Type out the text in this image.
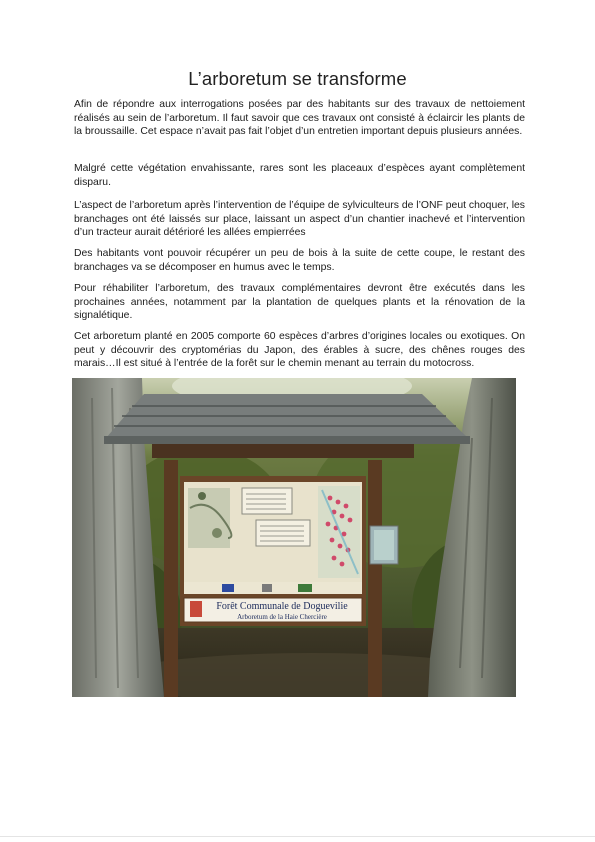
L’arboretum se transforme

Afin de répondre aux interrogations posées par des habitants sur des travaux de nettoiement réalisés au sein de l’arboretum. Il faut savoir que ces travaux ont consisté à éclaircir les plants de la broussaille. Cet espace n’avait pas fait l’objet d’un entretien important depuis plusieurs années.

Malgré cette végétation envahissante, rares sont les placeaux d’espèces ayant complètement disparu.

L’aspect de l’arboretum après l’intervention de l’équipe de sylviculteurs de l’ONF peut choquer, les branchages ont été laissés sur place, laissant un aspect d’un chantier inachevé et l’intervention d’un tracteur aurait détérioré les allées empierrées

Des habitants vont pouvoir récupérer un peu de bois à la suite de cette coupe, le restant des branchages va se décomposer en humus avec le temps.

Pour réhabiliter l’arboretum, des travaux complémentaires devront être exécutés dans les prochaines années, notamment par la plantation de quelques plants et la rénovation de la signalétique.

Cet arboretum planté en 2005 comporte 60 espèces d’arbres d’origines locales ou exotiques. On peut y découvrir des cryptomérias du Japon, des érables à sucre, des chênes rouges des marais…Il est situé à l’entrée de la forêt sur le chemin menant au terrain du motocross.

Forêt Communale de Doguevilie
Arboretum de la Haie Chercière
